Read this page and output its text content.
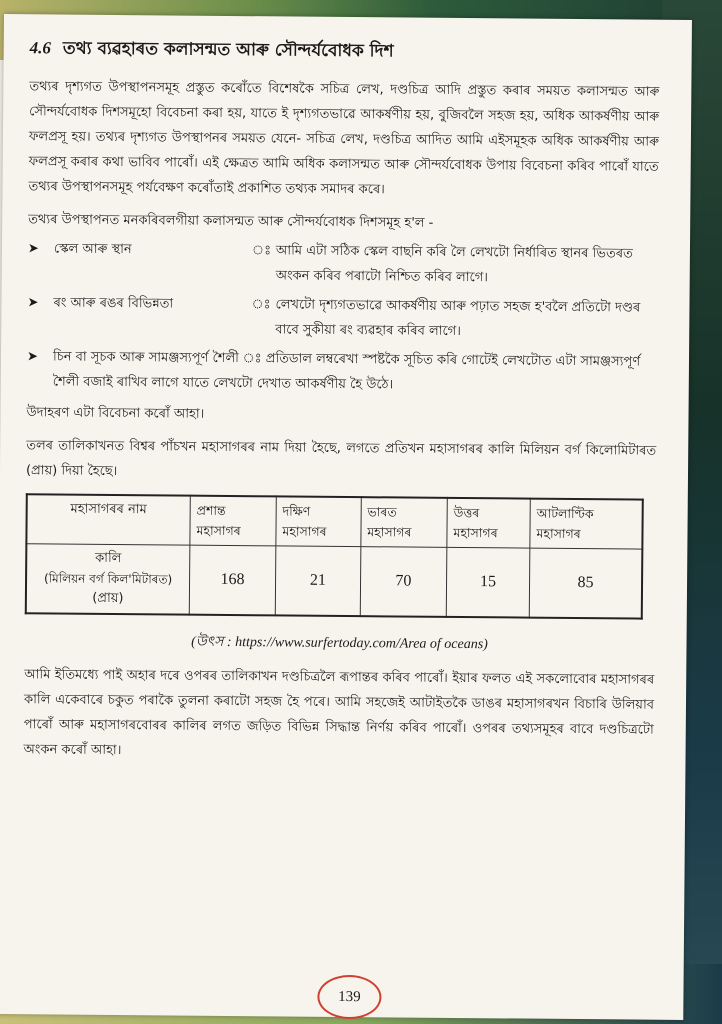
4.6 তথ্য ব্যৱহাৰত কলাসন্মত আৰু সৌন্দৰ্যবোধক দিশ

তথ্যৰ দৃশ্যগত উপস্থাপনসমূহ প্ৰস্তুত কৰোঁতে বিশেষকৈ সচিত্ৰ লেখ, দণ্ডচিত্ৰ আদি প্ৰস্তুত কৰাৰ সময়ত কলাসন্মত আৰু সৌন্দৰ্যবোধক দিশসমূহো বিবেচনা কৰা হয়, যাতে ই দৃশ্যগতভাৱে আকৰ্ষণীয় হয়, বুজিবলৈ সহজ হয়, অধিক আকৰ্ষণীয় আৰু ফলপ্ৰসূ হয়। তথ্যৰ দৃশ্যগত উপস্থাপনৰ সময়ত যেনে- সচিত্ৰ লেখ, দণ্ডচিত্ৰ আদিত আমি এইসমূহক অধিক আকৰ্ষণীয় আৰু ফলপ্ৰসূ কৰাৰ কথা ভাবিব পাৰোঁ। এই ক্ষেত্ৰত আমি অধিক কলাসন্মত আৰু সৌন্দৰ্যবোধক উপায় বিবেচনা কৰিব পাৰোঁ যাতে তথ্যৰ উপস্থাপনসমূহ পৰ্যবেক্ষণ কৰোঁতাই প্ৰকাশিত তথ্যক সমাদৰ কৰে।

তথ্যৰ উপস্থাপনত মনকৰিবলগীয়া কলাসন্মত আৰু সৌন্দৰ্যবোধক দিশসমূহ হ'ল -

➤	স্কেল আৰু স্থান	ঃ আমি এটা সঠিক স্কেল বাছনি কৰি লৈ লেখটো নিৰ্ধাৰিত স্থানৰ ভিতৰত অংকন কৰিব পৰাটো নিশ্চিত কৰিব লাগে।
➤	ৰং আৰু ৰঙৰ বিভিন্নতা	ঃ লেখটো দৃশ্যগতভাৱে আকৰ্ষণীয় আৰু পঢ়াত সহজ হ'বলৈ প্ৰতিটো দণ্ডৰ বাবে সুকীয়া ৰং ব্যৱহাৰ কৰিব লাগে।
➤	চিন বা সূচক আৰু সামঞ্জস্যপূৰ্ণ শৈলী ঃ প্ৰতিডাল লম্বৰেখা স্পষ্টকৈ সূচিত কৰি গোটেই লেখটোত এটা সামঞ্জস্যপূৰ্ণ শৈলী বজাই ৰাখিব লাগে যাতে লেখটো দেখাত আকৰ্ষণীয় হৈ উঠে।

উদাহৰণ এটা বিবেচনা কৰোঁ আহা।

তলৰ তালিকাখনত বিশ্বৰ পাঁচখন মহাসাগৰৰ নাম দিয়া হৈছে, লগতে প্ৰতিখন মহাসাগৰৰ কালি মিলিয়ন বৰ্গ কিলোমিটাৰত (প্ৰায়) দিয়া হৈছে।

মহাসাগৰৰ নাম	প্ৰশান্ত মহাসাগৰ	দক্ষিণ মহাসাগৰ	ভাৰত মহাসাগৰ	উত্তৰ মহাসাগৰ	আটলাণ্টিক মহাসাগৰ

কালি
(মিলিয়ন বৰ্গ কিল'মিটাৰত)
(প্ৰায়)	168	21	70	15	85
(উৎস : https://www.surfertoday.com/Area of oceans)

আমি ইতিমধ্যে পাই অহাৰ দৰে ওপৰৰ তালিকাখন দণ্ডচিত্ৰলৈ ৰূপান্তৰ কৰিব পাৰোঁ। ইয়াৰ ফলত এই সকলোবোৰ মহাসাগৰৰ কালি একেবাৰে চকুত পৰাকৈ তুলনা কৰাটো সহজ হৈ পৰে। আমি সহজেই আটাইতকৈ ডাঙৰ মহাসাগৰখন বিচাৰি উলিয়াব পাৰোঁ আৰু মহাসাগৰবোৰৰ কালিৰ লগত জড়িত বিভিন্ন সিদ্ধান্ত নিৰ্ণয় কৰিব পাৰোঁ। ওপৰৰ তথ্যসমূহৰ বাবে দণ্ডচিত্ৰটো অংকন কৰোঁ আহা।

139
